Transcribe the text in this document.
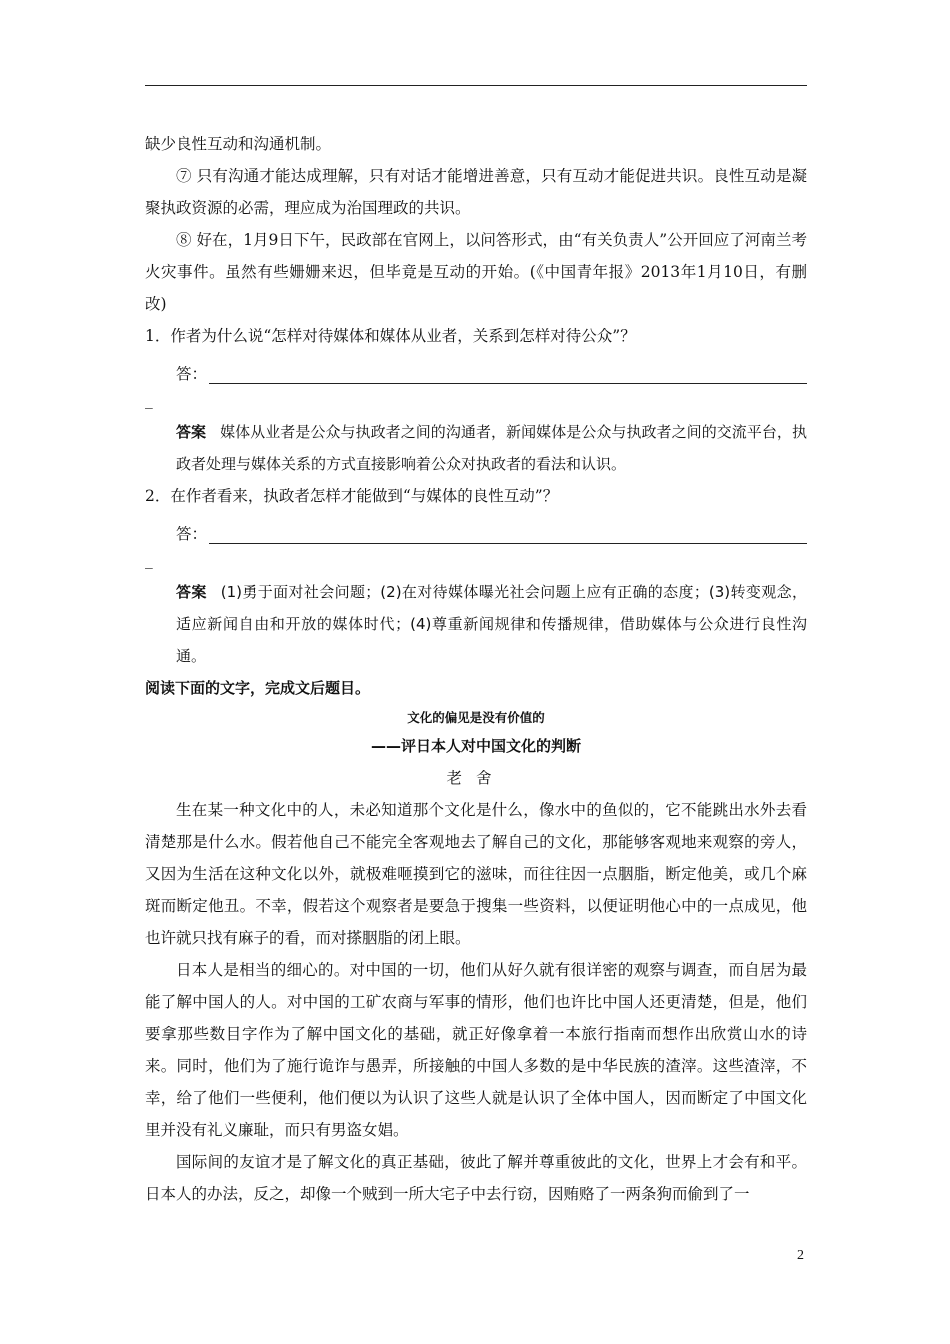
缺少良性互动和沟通机制。

⑦ 只有沟通才能达成理解，只有对话才能增进善意，只有互动才能促进共识。良性互动是凝聚执政资源的必需，理应成为治国理政的共识。

⑧ 好在，1月9日下午，民政部在官网上，以问答形式，由“有关负责人”公开回应了河南兰考火灾事件。虽然有些姗姗来迟，但毕竟是互动的开始。(《中国青年报》2013年1月10日，有删改)

1．作者为什么说“怎样对待媒体和媒体从业者，关系到怎样对待公众”？
答：
_
答案 媒体从业者是公众与执政者之间的沟通者，新闻媒体是公众与执政者之间的交流平台，执政者处理与媒体关系的方式直接影响着公众对执政者的看法和认识。
2．在作者看来，执政者怎样才能做到“与媒体的良性互动”？
答：
_
答案 (1)勇于面对社会问题；(2)在对待媒体曝光社会问题上应有正确的态度；(3)转变观念，适应新闻自由和开放的媒体时代；(4)尊重新闻规律和传播规律，借助媒体与公众进行良性沟通。
阅读下面的文字，完成文后题目。
文化的偏见是没有价值的
——评日本人对中国文化的判断
老舍

生在某一种文化中的人，未必知道那个文化是什么，像水中的鱼似的，它不能跳出水外去看清楚那是什么水。假若他自己不能完全客观地去了解自己的文化，那能够客观地来观察的旁人，又因为生活在这种文化以外，就极难咂摸到它的滋味，而往往因一点胭脂，断定他美，或几个麻斑而断定他丑。不幸，假若这个观察者是要急于搜集一些资料，以便证明他心中的一点成见，他也许就只找有麻子的看，而对搽胭脂的闭上眼。

日本人是相当的细心的。对中国的一切，他们从好久就有很详密的观察与调查，而自居为最能了解中国人的人。对中国的工矿农商与军事的情形，他们也许比中国人还更清楚，但是，他们要拿那些数目字作为了解中国文化的基础，就正好像拿着一本旅行指南而想作出欣赏山水的诗来。同时，他们为了施行诡诈与愚弄，所接触的中国人多数的是中华民族的渣滓。这些渣滓，不幸，给了他们一些便利，他们便以为认识了这些人就是认识了全体中国人，因而断定了中国文化里并没有礼义廉耻，而只有男盗女娼。

国际间的友谊才是了解文化的真正基础，彼此了解并尊重彼此的文化，世界上才会有和平。日本人的办法，反之，却像一个贼到一所大宅子中去行窃，因贿赂了一两条狗而偷到了一

2
